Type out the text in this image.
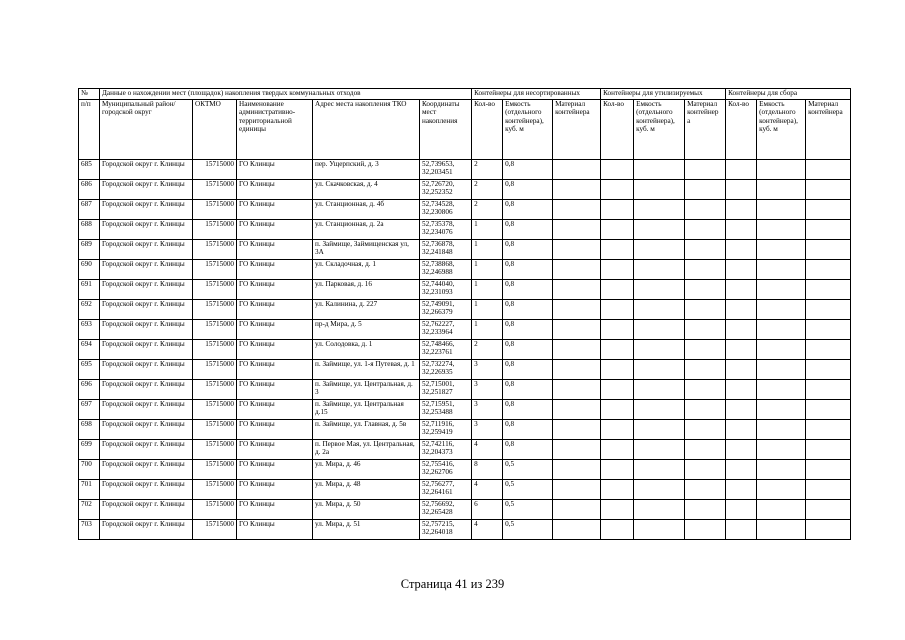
№	Данные о нахождении мест (площадок) накопления твердых коммунальных отходов					Контейнеры для несортированных			Контейнеры для утилизируемых			Контейнеры для сбора		
п/п	Муниципальный район/городской округ	ОКТМО	Наименование административно-территориальной единицы	Адрес места накопления ТКО	Координаты мест накопления	Кол-во	Емкость (отдельного контейнера), куб. м	Материал контейнера	Кол-во	Емкость (отдельного контейнера), куб. м	Материал контейнер а	Кол-во	Емкость (отдельного контейнера), куб. м	Материал контейнера
685	Городской округ г. Клинцы	15715000	ГО Клинцы	пер. Ущерпский, д. 3	52,739653, 32,203451	2	0,8							
686	Городской округ г. Клинцы	15715000	ГО Клинцы	ул. Скачковская, д. 4	52,726720, 32,252352	2	0,8							
687	Городской округ г. Клинцы	15715000	ГО Клинцы	ул. Станционная, д. 4б	52,734528, 32,230806	2	0,8							
688	Городской округ г. Клинцы	15715000	ГО Клинцы	ул. Станционная, д. 2а	52,735378, 32,234076	1	0,8							
689	Городской округ г. Клинцы	15715000	ГО Клинцы	п. Займище, Займищенская ул, 3А	52,736878, 32,241848	1	0,8							
690	Городской округ г. Клинцы	15715000	ГО Клинцы	ул. Складочная, д. 1	52,738868, 32,246988	1	0,8							
691	Городской округ г. Клинцы	15715000	ГО Клинцы	ул. Парковая, д. 16	52,744040, 32,231093	1	0,8							
692	Городской округ г. Клинцы	15715000	ГО Клинцы	ул. Калинина, д. 227	52,749091, 32,266379	1	0,8							
693	Городской округ г. Клинцы	15715000	ГО Клинцы	пр-д Мира, д. 5	52,762227, 32,233964	1	0,8							
694	Городской округ г. Клинцы	15715000	ГО Клинцы	ул. Солодовка, д. 1	52,748466, 32,223761	2	0,8							
695	Городской округ г. Клинцы	15715000	ГО Клинцы	п. Займище, ул. 1-я Путевая, д. 1	52,732274, 32,226935	3	0,8							
696	Городской округ г. Клинцы	15715000	ГО Клинцы	п. Займище, ул. Центральная, д. 3	52,715001, 32,251827	3	0,8							
697	Городской округ г. Клинцы	15715000	ГО Клинцы	п. Займище, ул. Центральная д.15	52,715951, 32,253488	3	0,8							
698	Городской округ г. Клинцы	15715000	ГО Клинцы	п. Займище, ул. Главная, д. 5в	52,711916, 32,259419	3	0,8							
699	Городской округ г. Клинцы	15715000	ГО Клинцы	п. Первое Мая, ул. Центральная, д. 2а	52,742116, 32,204373	4	0,8							
700	Городской округ г. Клинцы	15715000	ГО Клинцы	ул. Мира, д. 46	52,755416, 32,262706	8	0,5							
701	Городской округ г. Клинцы	15715000	ГО Клинцы	ул. Мира, д. 48	52,756277, 32,264161	4	0,5							
702	Городской округ г. Клинцы	15715000	ГО Клинцы	ул. Мира, д. 50	52,756692, 32,265428	6	0,5							
703	Городской округ г. Клинцы	15715000	ГО Клинцы	ул. Мира, д. 51	52,757215, 32,264018	4	0,5							
Страница 41 из 239
